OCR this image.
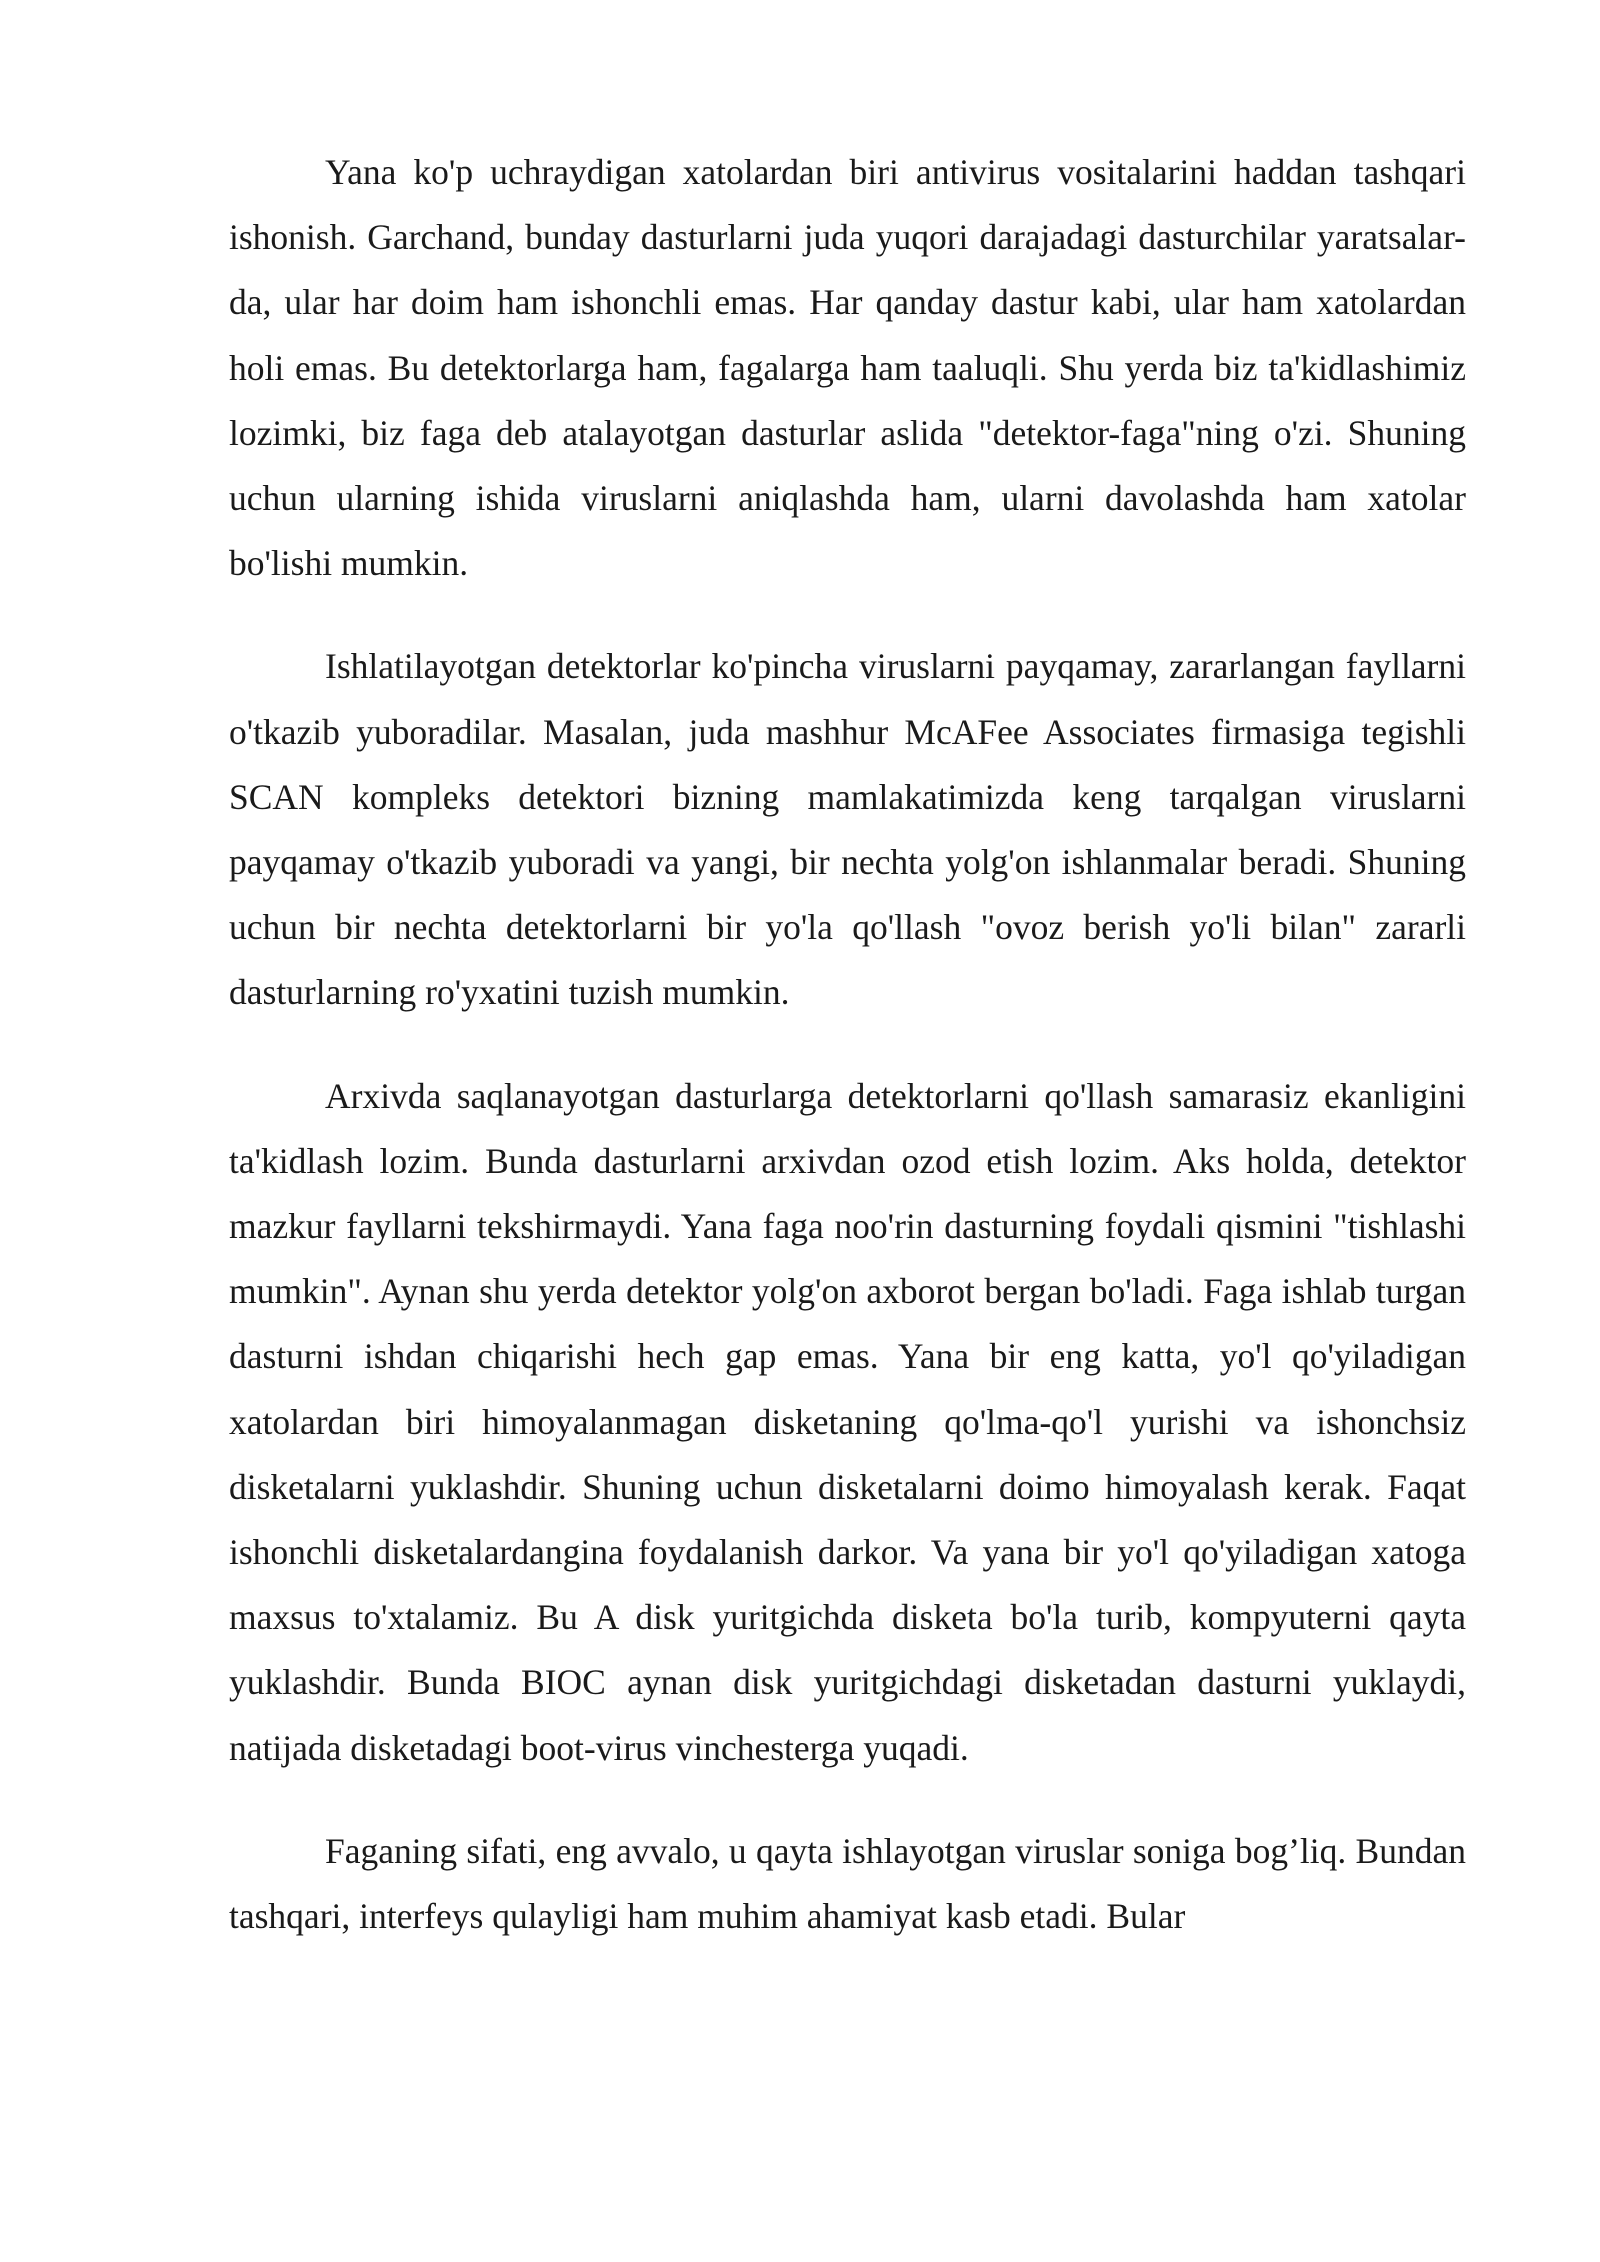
Yana ko'p uchraydigan xatolardan biri antivirus vositalarini haddan tashqari ishonish. Garchand, bunday dasturlarni juda yuqori darajadagi dasturchilar yaratsalar-da, ular har doim ham ishonchli emas. Har qanday dastur kabi, ular ham xatolardan holi emas. Bu detektorlarga ham, fagalarga ham taaluqli. Shu yerda biz ta'kidlashimiz lozimki, biz faga deb atalayotgan dasturlar aslida "detektor-faga"ning o'zi. Shuning uchun ularning ishida viruslarni aniqlashda ham, ularni davolashda ham xatolar bo'lishi mumkin.

Ishlatilayotgan detektorlar ko'pincha viruslarni payqamay, zararlangan fayllarni o'tkazib yuboradilar. Masalan, juda mashhur McAFee Associates firmasiga tegishli SCAN kompleks detektori bizning mamlakatimizda keng tarqalgan viruslarni payqamay o'tkazib yuboradi va yangi, bir nechta yolg'on ishlanmalar beradi. Shuning uchun bir nechta detektorlarni bir yo'la qo'llash "ovoz berish yo'li bilan" zararli dasturlarning ro'yxatini tuzish mumkin.

Arxivda saqlanayotgan dasturlarga detektorlarni qo'llash samarasiz ekanligini ta'kidlash lozim. Bunda dasturlarni arxivdan ozod etish lozim. Aks holda, detektor mazkur fayllarni tekshirmaydi. Yana faga noo'rin dasturning foydali qismini "tishlashi mumkin". Aynan shu yerda detektor yolg'on axborot bergan bo'ladi. Faga ishlab turgan dasturni ishdan chiqarishi hech gap emas. Yana bir eng katta, yo'l qo'yiladigan xatolardan biri himoyalanmagan disketaning qo'lma-qo'l yurishi va ishonchsiz disketalarni yuklashdir. Shuning uchun disketalarni doimo himoyalash kerak. Faqat ishonchli disketalardangina foydalanish darkor. Va yana bir yo'l qo'yiladigan xatoga maxsus to'xtalamiz. Bu A disk yuritgichda disketa bo'la turib, kompyuterni qayta yuklashdir. Bunda BIOC aynan disk yuritgichdagi disketadan dasturni yuklaydi, natijada disketadagi boot-virus vinchesterga yuqadi.

Faganing sifati, eng avvalo, u qayta ishlayotgan viruslar soniga bog’liq. Bundan tashqari, interfeys qulayligi ham muhim ahamiyat kasb etadi. Bular
